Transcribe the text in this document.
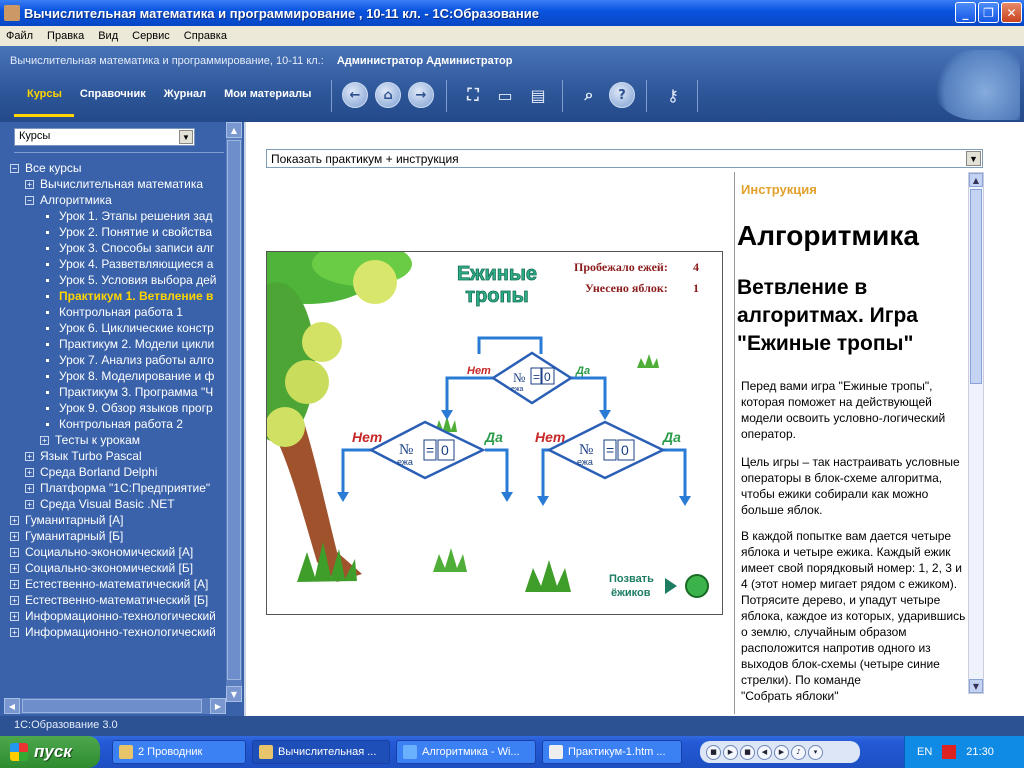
Вычислительная математика и программирование , 10-11 кл. - 1С:Образование	_	❐	✕
Файл	Правка	Вид	Сервис	Справка
Вычислительная математика и программирование, 10-11 кл.: Администратор Администратор
Курсы	Справочник	Журнал	Мои материалы	←	⌂	→	⛶	▭	▤	⌕	?	⚷
Курсы	▼
− Все курсы
+ Вычислительная математика
− Алгоритмика
Урок 1. Этапы решения зад
Урок 2. Понятие и свойства
Урок 3. Способы записи алг
Урок 4. Разветвляющиеся а
Урок 5. Условия выбора дей
Практикум 1. Ветвление в
Контрольная работа 1
Урок 6. Циклические констр
Практикум 2. Модели цикли
Урок 7. Анализ работы алго
Урок 8. Моделирование и ф
Практикум 3. Программа "Ч
Урок 9. Обзор языков прогр
Контрольная работа 2
+ Тесты к урокам
+ Язык Turbo Pascal
+ Среда Borland Delphi
+ Платформа "1С:Предприятие"
+ Среда Visual Basic .NET
+ Гуманитарный [А]
+ Гуманитарный [Б]
+ Социально-экономический [А]
+ Социально-экономический [Б]
+ Естественно-математический [А]
+ Естественно-математический [Б]
+ Информационно-технологический
+ Информационно-технологический
▲
▼
◀	▶
Показать практикум + инструкция	▼
Ежиные
тропы
Пробежало ежей: 4
Унесено яблок: 1
№
ежа
= 0
№
ежа
= 0	№
ежа
= 0
Нет	Да
Нет	Да Нет	Да
Позвать
ёжиков
Инструкция
Алгоритмика
Ветвление в алгоритмах. Игра "Ежиные тропы"
Перед вами игра "Ежиные тропы", которая поможет на действующей модели освоить условно-логический оператор.
Цель игры – так настраивать условные операторы в блок-схеме алгоритма, чтобы ежики собирали как можно больше яблок.
В каждой попытке вам дается четыре яблока и четыре ежика. Каждый ежик имеет свой порядковый номер: 1, 2, 3 и 4 (этот номер мигает рядом с ежиком). Потрясите дерево, и упадут четыре яблока, каждое из которых, ударившись о землю, случайным образом расположится напротив одного из выходов блок-схемы (четыре синие стрелки). По команде
"Собрать яблоки"
▲
▼
1С:Образование 3.0
пуск	2 Проводник	Вычислительная ...	Алгоритмика - Wi...	Практикум-1.htm ...	■	▶	■	◀	▶	♪	▾	EN	21:30
